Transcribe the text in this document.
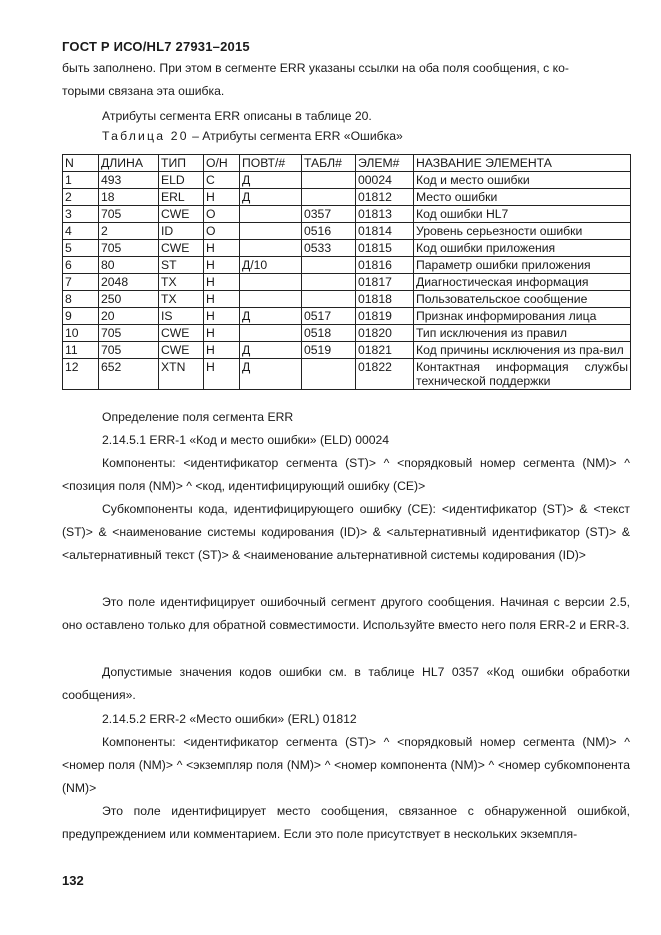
ГОСТ Р ИСО/HL7 27931–2015

быть заполнено. При этом в сегменте ERR указаны ссылки на оба поля сообщения, с ко-

торыми связана эта ошибка.

Атрибуты сегмента ERR описаны в таблице 20.

Таблица 20 – Атрибуты сегмента ERR «Ошибка»
N	ДЛИНА	ТИП	О/Н	ПОВТ/#	ТАБЛ#	ЭЛЕМ#	НАЗВАНИЕ ЭЛЕМЕНТА
1	493	ELD	С	Д		00024	Код и место ошибки
2	18	ERL	Н	Д		01812	Место ошибки
3	705	CWE	О		0357	01813	Код ошибки HL7
4	2	ID	О		0516	01814	Уровень серьезности ошибки
5	705	CWE	Н		0533	01815	Код ошибки приложения
6	80	ST	Н	Д/10		01816	Параметр ошибки приложения
7	2048	TX	Н			01817	Диагностическая информация
8	250	TX	Н			01818	Пользовательское сообщение
9	20	IS	Н	Д	0517	01819	Признак информирования лица
10	705	CWE	Н		0518	01820	Тип исключения из правил
11	705	CWE	Н	Д	0519	01821	Код причины исключения из пра-вил
12	652	XTN	Н	Д		01822	Контактная информация службы технической поддержки

Определение поля сегмента ERR

2.14.5.1 ERR-1 «Код и место ошибки» (ELD) 00024

Компоненты: <идентификатор сегмента (ST)> ^ <порядковый номер сегмента (NM)> ^ <позиция поля (NM)> ^ <код, идентифицирующий ошибку (CE)>

Субкомпоненты кода, идентифицирующего ошибку (CE): <идентификатор (ST)> & <текст (ST)> & <наименование системы кодирования (ID)> & <альтернативный идентификатор (ST)> & <альтернативный текст (ST)> & <наименование альтернативной системы кодирования (ID)>

Это поле идентифицирует ошибочный сегмент другого сообщения. Начиная с версии 2.5, оно оставлено только для обратной совместимости. Используйте вместо него поля ERR-2 и ERR-3.

Допустимые значения кодов ошибки см. в таблице HL7 0357 «Код ошибки обработки сообщения».

2.14.5.2 ERR-2 «Место ошибки» (ERL) 01812

Компоненты: <идентификатор сегмента (ST)> ^ <порядковый номер сегмента (NM)> ^ <номер поля (NM)> ^ <экземпляр поля (NM)> ^ <номер компонента (NM)> ^ <номер субкомпонента (NM)>

Это поле идентифицирует место сообщения, связанное с обнаруженной ошибкой, предупреждением или комментарием. Если это поле присутствует в нескольких экземпля-

132
